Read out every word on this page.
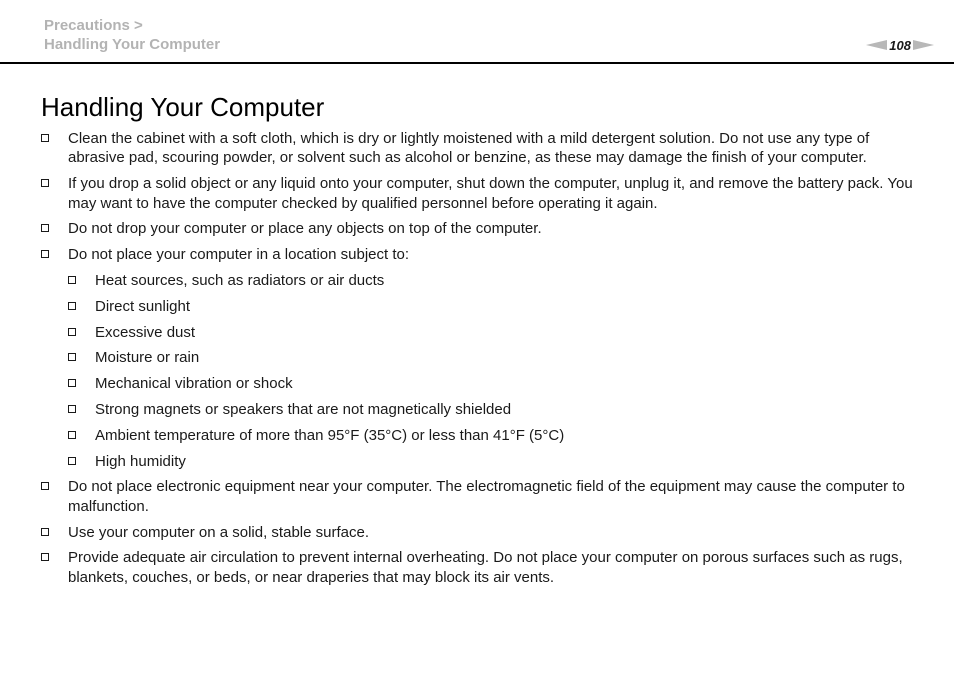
Precautions >
Handling Your Computer	108
Handling Your Computer
Clean the cabinet with a soft cloth, which is dry or lightly moistened with a mild detergent solution. Do not use any type of abrasive pad, scouring powder, or solvent such as alcohol or benzine, as these may damage the finish of your computer.
If you drop a solid object or any liquid onto your computer, shut down the computer, unplug it, and remove the battery pack. You may want to have the computer checked by qualified personnel before operating it again.
Do not drop your computer or place any objects on top of the computer.
Do not place your computer in a location subject to:
Heat sources, such as radiators or air ducts
Direct sunlight
Excessive dust
Moisture or rain
Mechanical vibration or shock
Strong magnets or speakers that are not magnetically shielded
Ambient temperature of more than 95°F (35°C) or less than 41°F (5°C)
High humidity
Do not place electronic equipment near your computer. The electromagnetic field of the equipment may cause the computer to malfunction.
Use your computer on a solid, stable surface.
Provide adequate air circulation to prevent internal overheating. Do not place your computer on porous surfaces such as rugs, blankets, couches, or beds, or near draperies that may block its air vents.
